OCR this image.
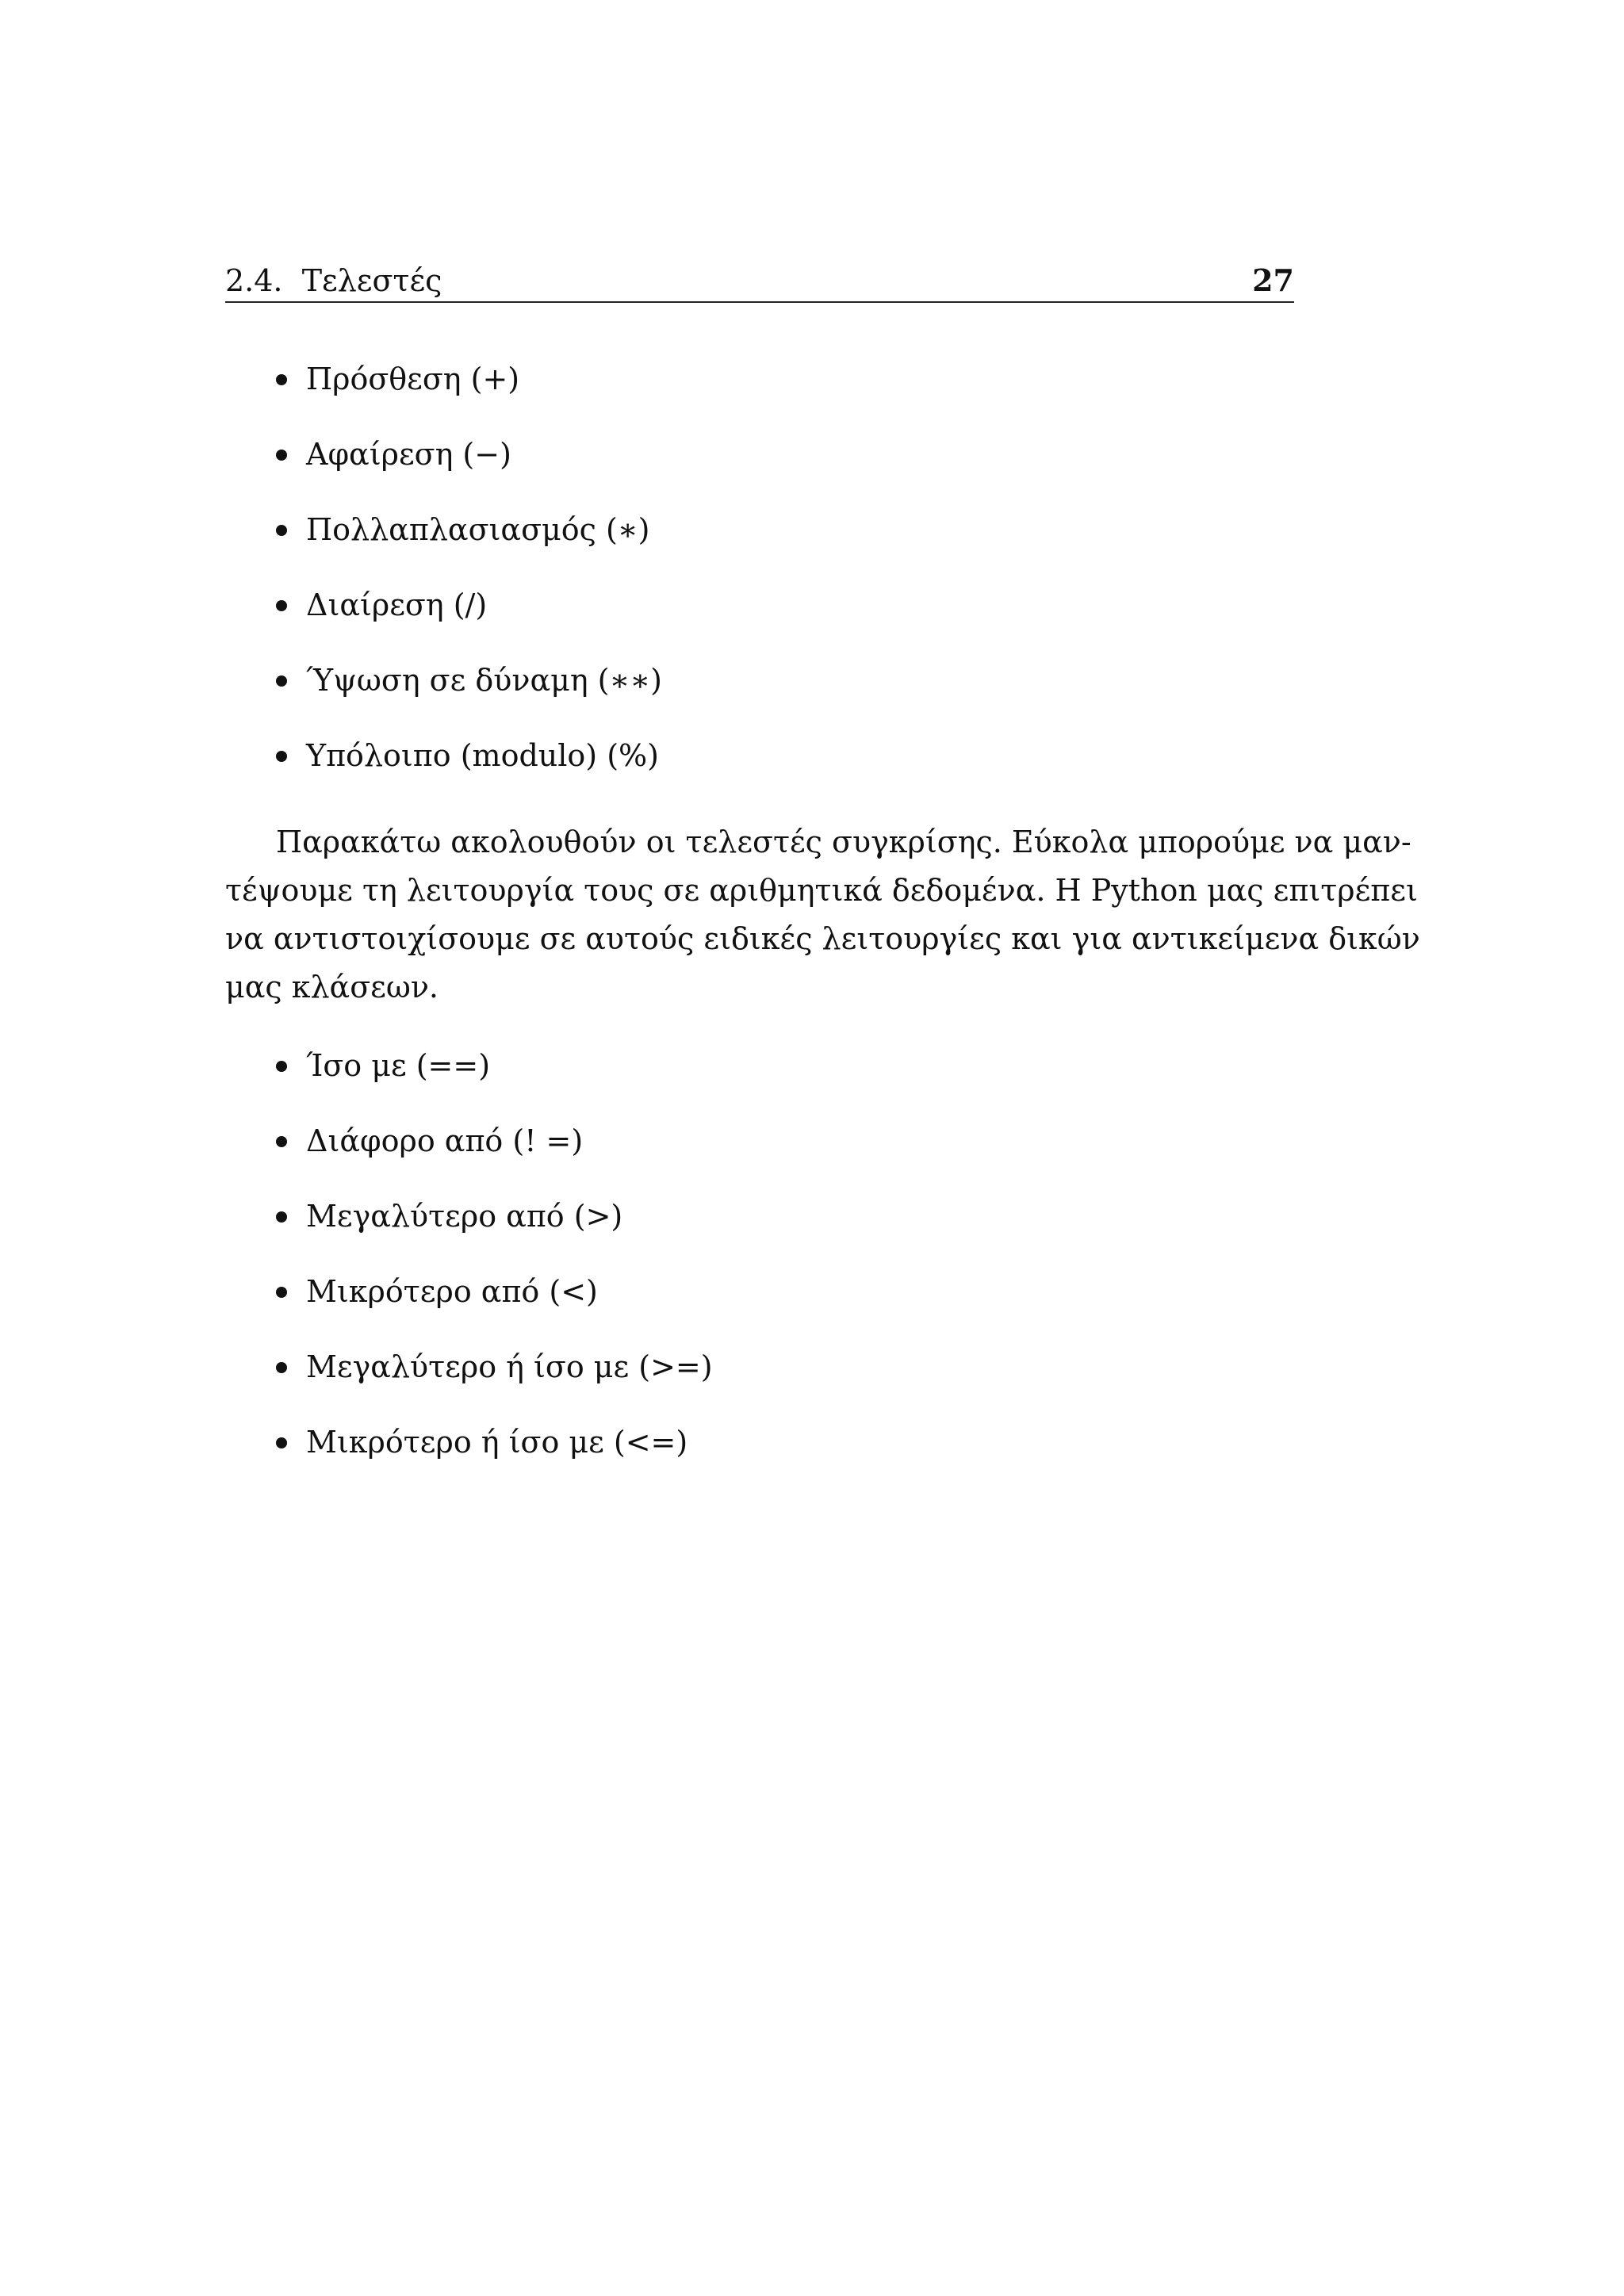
2.4. Τελεστές	27
Πρόσθεση (+)
Αφαίρεση (−)
Πολλαπλασιασμός (∗)
Διαίρεση (/)
Ύψωση σε δύναμη (∗∗)
Υπόλοιπο (modulo) (%)
Παρακάτω ακολουθούν οι τελεστές συγκρίσης. Εύκολα μπορούμε να μαν-
τέψουμε τη λειτουργία τους σε αριθμητικά δεδομένα. Η Python μας επιτρέπει
να αντιστοιχίσουμε σε αυτούς ειδικές λειτουργίες και για αντικείμενα δικών
μας κλάσεων.
Ίσο με (==)
Διάφορο από (! =)
Μεγαλύτερο από (>)
Μικρότερο από (<)
Μεγαλύτερο ή ίσο με (>=)
Μικρότερο ή ίσο με (<=)
